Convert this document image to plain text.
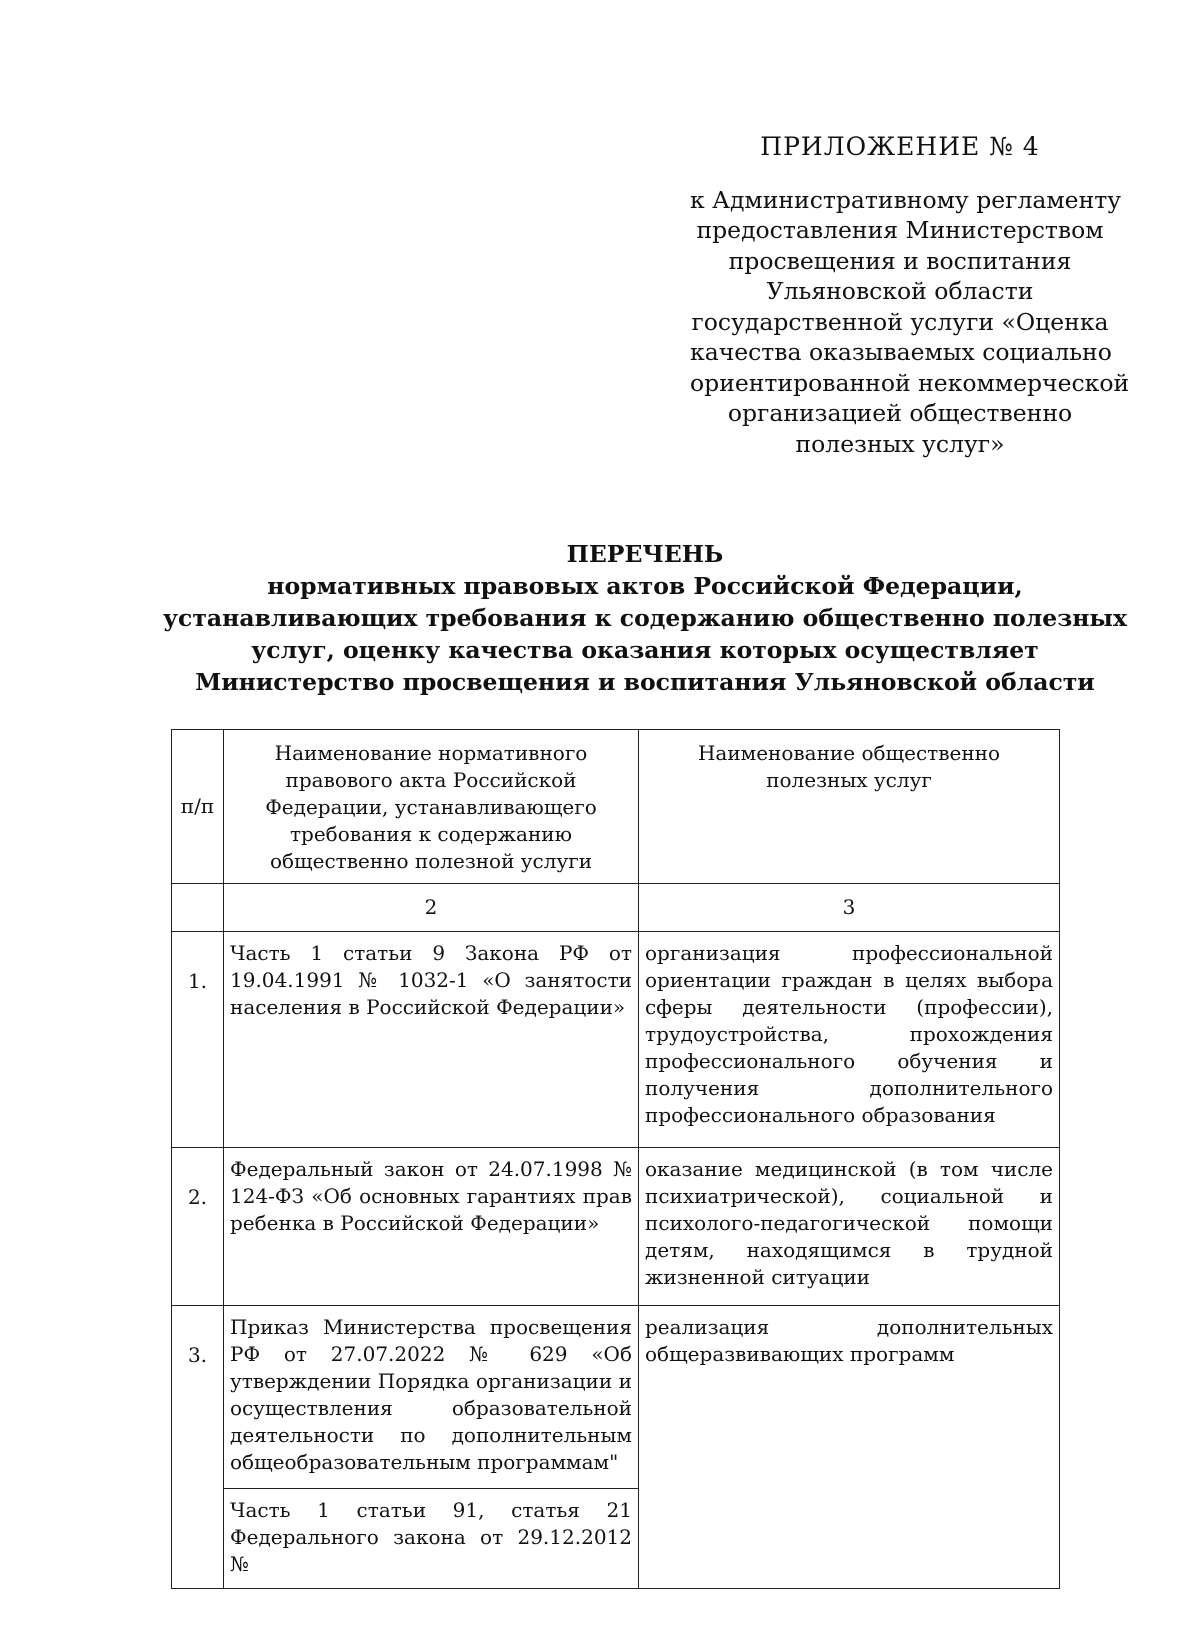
ПРИЛОЖЕНИЕ № 4
к Административному регламенту
предоставления Министерством
просвещения и воспитания
Ульяновской области
государственной услуги «Оценка
качества оказываемых социально
ориентированной некоммерческой
организацией общественно
полезных услуг»
ПЕРЕЧЕНЬ
нормативных правовых актов Российской Федерации,
устанавливающих требования к содержанию общественно полезных
услуг, оценку качества оказания которых осуществляет
Министерство просвещения и воспитания Ульяновской области
п/п	Наименование нормативного правового акта Российской Федерации, устанавливающего требования к содержанию общественно полезной услуги	Наименование общественно полезных услуг

	2	3

1.	Часть 1 статьи 9 Закона РФ от 19.04.1991 № 1032-1 «О занятости населения в Российской Федерации»	организация профессиональной ориентации граждан в целях выбора сферы деятельности (профессии), трудоустройства, прохождения профессионального обучения и получения дополнительного профессионального образования

2.	Федеральный закон от 24.07.1998 № 124-ФЗ «Об основных гарантиях прав ребенка в Российской Федерации»	оказание медицинской (в том числе психиатрической), социальной и психолого-педагогической помощи детям, находящимся в трудной жизненной ситуации

3.	Приказ Министерства просвещения РФ от 27.07.2022 № 629 «Об утверждении Порядка организации и осуществления образовательной деятельности по дополнительным общеобразовательным программам"	реализация дополнительных общеразвивающих программ

	Часть 1 статьи 91, статья 21 Федерального закона от 29.12.2012 №	
